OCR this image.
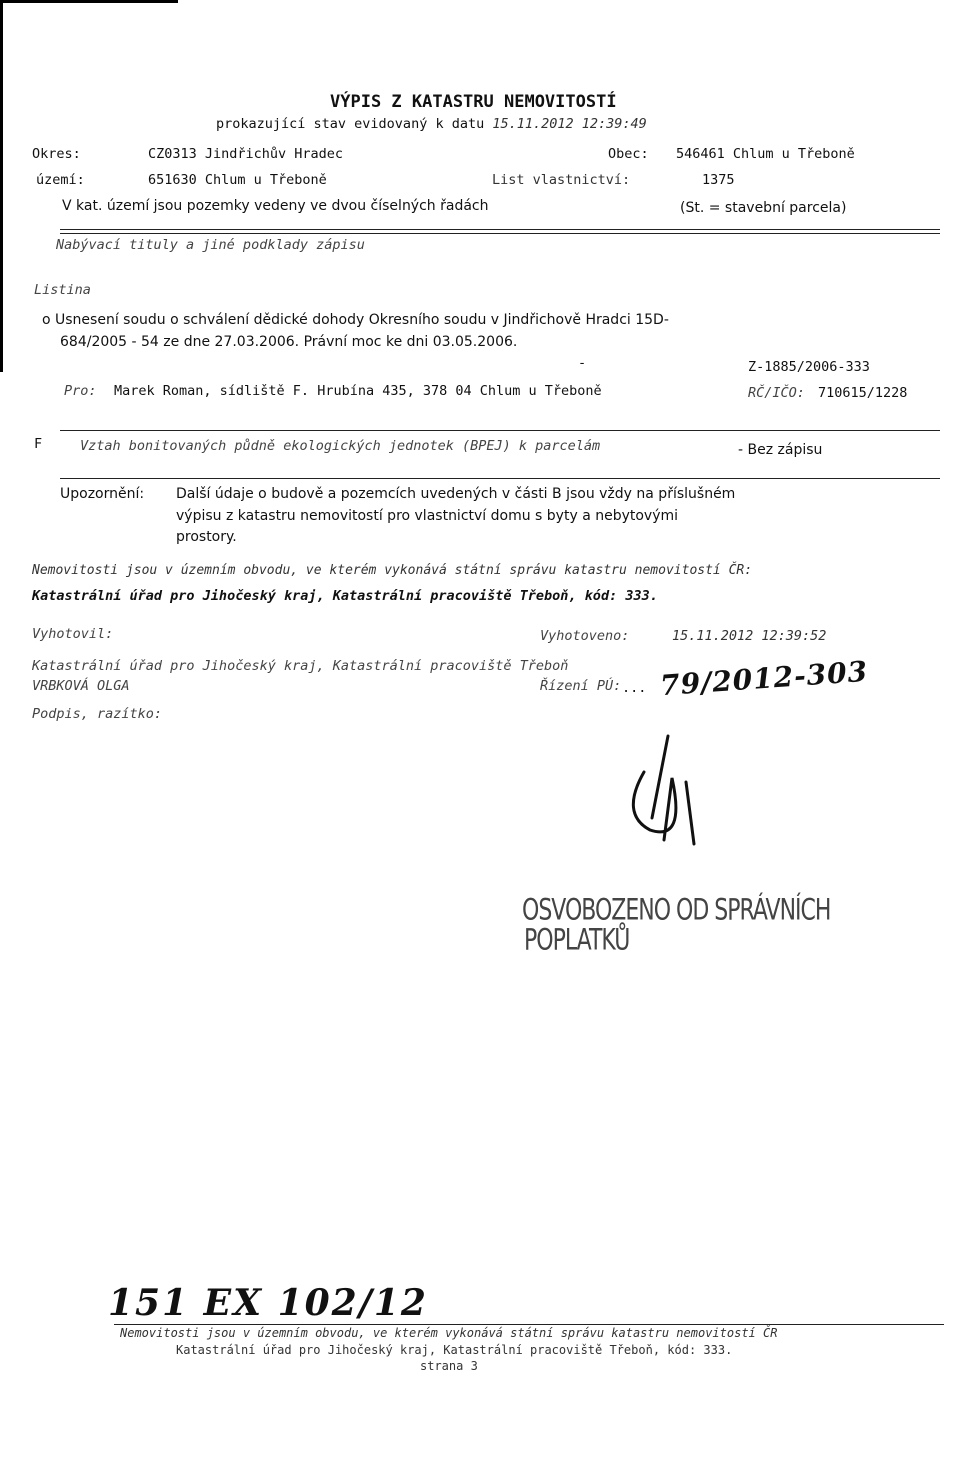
VÝPIS Z KATASTRU NEMOVITOSTÍ
prokazující stav evidovaný k datu 15.11.2012 12:39:49
Okres:	CZ0313 Jindřichův Hradec	Obec: 546461 Chlum u Třeboně
území:	651630 Chlum u Třeboně	List vlastnictví:	1375
V kat. území jsou pozemky vedeny ve dvou číselných řadách	(St. = stavební parcela)
Nabývací tituly a jiné podklady zápisu
Listina
o Usnesení soudu o schválení dědické dohody Okresního soudu v Jindřichově Hradci 15D-
684/2005 - 54 ze dne 27.03.2006. Právní moc ke dni 03.05.2006.
-	Z-1885/2006-333
Pro: Marek Roman, sídliště F. Hrubína 435, 378 04 Chlum u Třeboně	RČ/IČO: 710615/1228
F	Vztah bonitovaných půdně ekologických jednotek (BPEJ) k parcelám	- Bez zápisu
Upozornění: Další údaje o budově a pozemcích uvedených v části B jsou vždy na příslušném
výpisu z katastru nemovitostí pro vlastnictví domu s byty a nebytovými
prostory.
Nemovitosti jsou v územním obvodu, ve kterém vykonává státní správu katastru nemovitostí ČR:
Katastrální úřad pro Jihočeský kraj, Katastrální pracoviště Třeboň, kód: 333.
Vyhotovil:	Vyhotoveno:	15.11.2012 12:39:52
Katastrální úřad pro Jihočeský kraj, Katastrální pracoviště Třeboň
VRBKOVÁ OLGA	Řízení PÚ: ... 79/2012-303
Podpis, razítko:
OSVOBOZENO OD SPRÁVNÍCH
POPLATKŮ
151 EX 102/12
Nemovitosti jsou v územním obvodu, ve kterém vykonává státní správu katastru nemovitostí ČR
Katastrální úřad pro Jihočeský kraj, Katastrální pracoviště Třeboň, kód: 333.
strana 3
